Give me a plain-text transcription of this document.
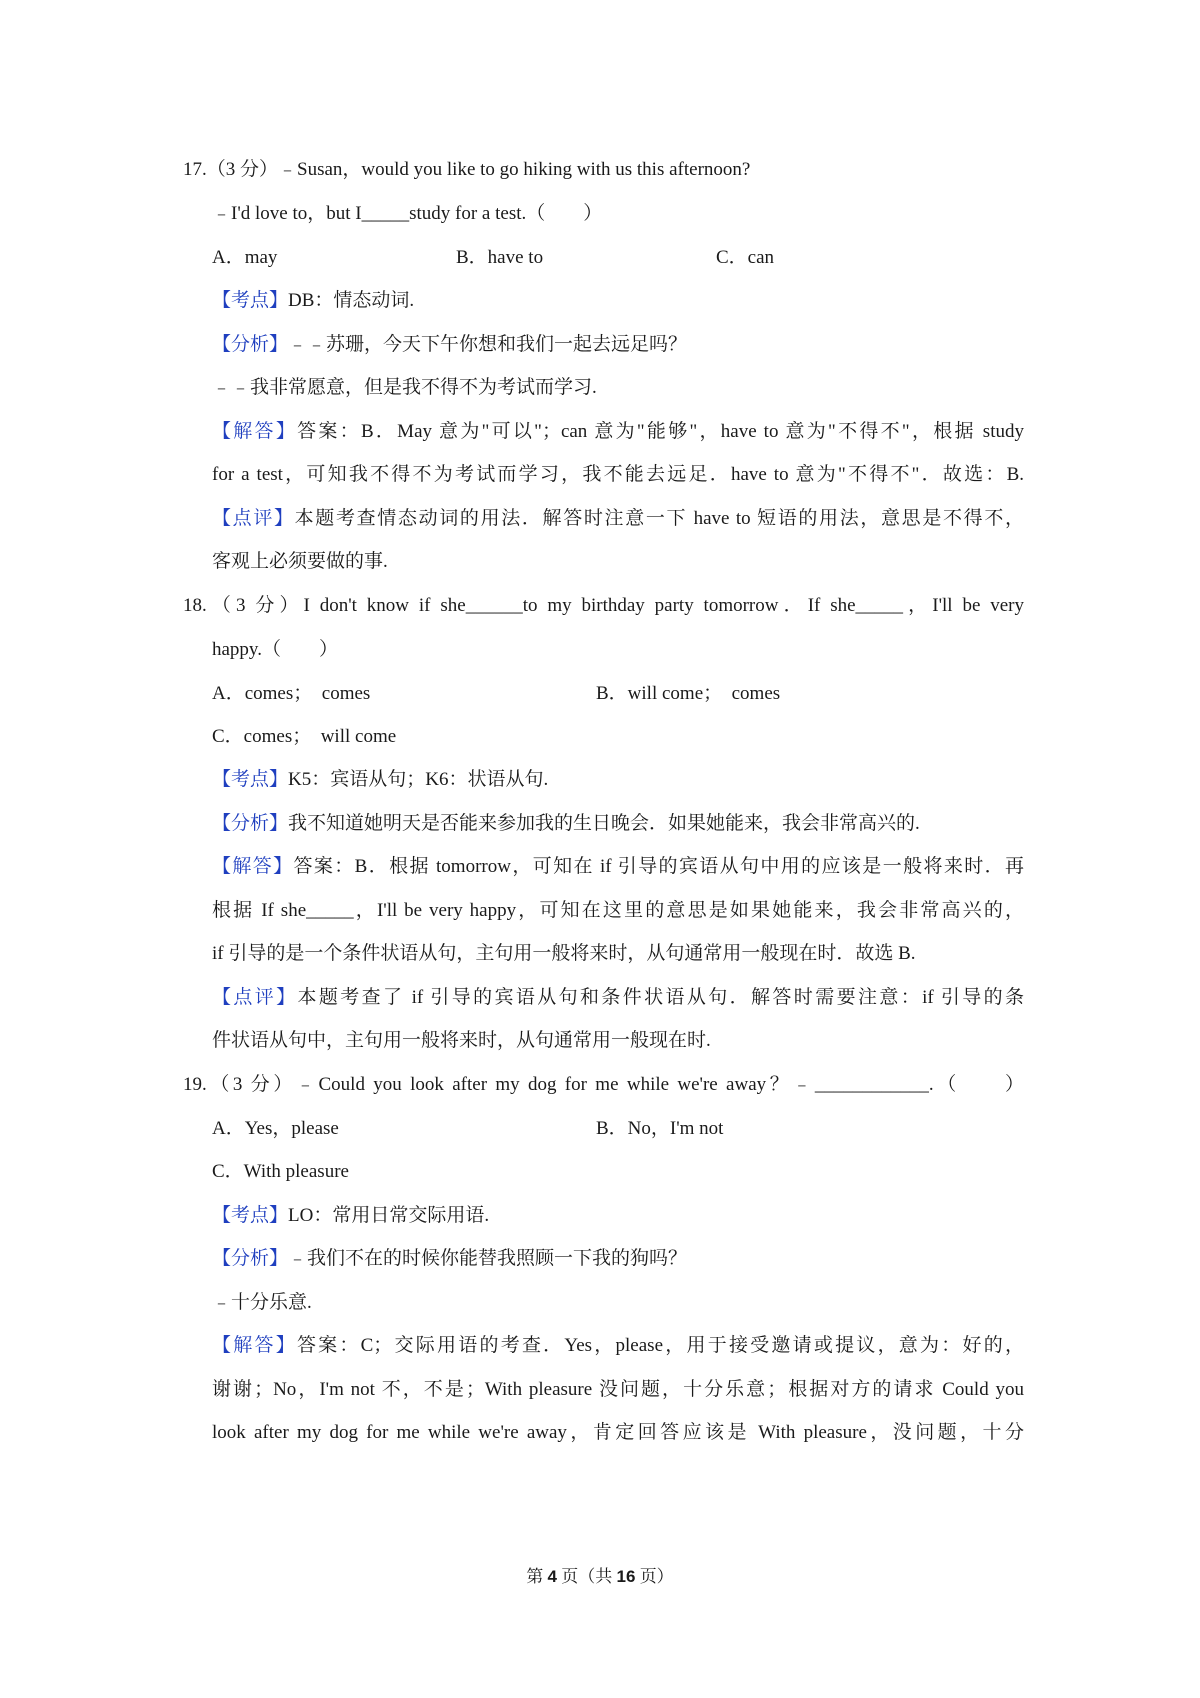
17.（3 分）﹣Susan，would you like to go hiking with us this afternoon?
﹣I'd love to，but I_____study for a test.（　　）
A．may	B．have to	C．can
【考点】DB：情态动词.
【分析】﹣﹣苏珊，今天下午你想和我们一起去远足吗？
﹣﹣我非常愿意，但是我不得不为考试而学习.
【解答】答案：B．May 意为"可以"；can 意为"能够"，have to 意为"不得不"，根据 study
for a test，可知我不得不为考试而学习，我不能去远足．have to 意为"不得不"．故选：B.
【点评】本题考查情态动词的用法．解答时注意一下 have to 短语的用法，意思是不得不，
客观上必须要做的事.
18.（3 分）I don't know if she______to my birthday party tomorrow．If she_____，I'll be very
happy.（　　）
A．comes；　comes	B．will come；　comes
C．comes；　will come
【考点】K5：宾语从句；K6：状语从句.
【分析】我不知道她明天是否能来参加我的生日晚会．如果她能来，我会非常高兴的.
【解答】答案：B．根据 tomorrow，可知在 if 引导的宾语从句中用的应该是一般将来时．再
根据 If she_____，I'll be very happy，可知在这里的意思是如果她能来，我会非常高兴的，
if 引导的是一个条件状语从句，主句用一般将来时，从句通常用一般现在时．故选 B.
【点评】本题考查了 if 引导的宾语从句和条件状语从句．解答时需要注意：if 引导的条
件状语从句中，主句用一般将来时，从句通常用一般现在时.
19.（3 分）﹣Could you look after my dog for me while we're away？﹣____________.（　　）
A．Yes，please	B．No，I'm not
C．With pleasure
【考点】LO：常用日常交际用语.
【分析】﹣我们不在的时候你能替我照顾一下我的狗吗？
﹣十分乐意.
【解答】答案：C；交际用语的考查．Yes，please，用于接受邀请或提议，意为：好的，
谢谢；No，I'm not 不，不是；With pleasure 没问题，十分乐意；根据对方的请求 Could you
look after my dog for me while we're away，肯定回答应该是 With pleasure，没问题，十分
第 4 页（共 16 页）
